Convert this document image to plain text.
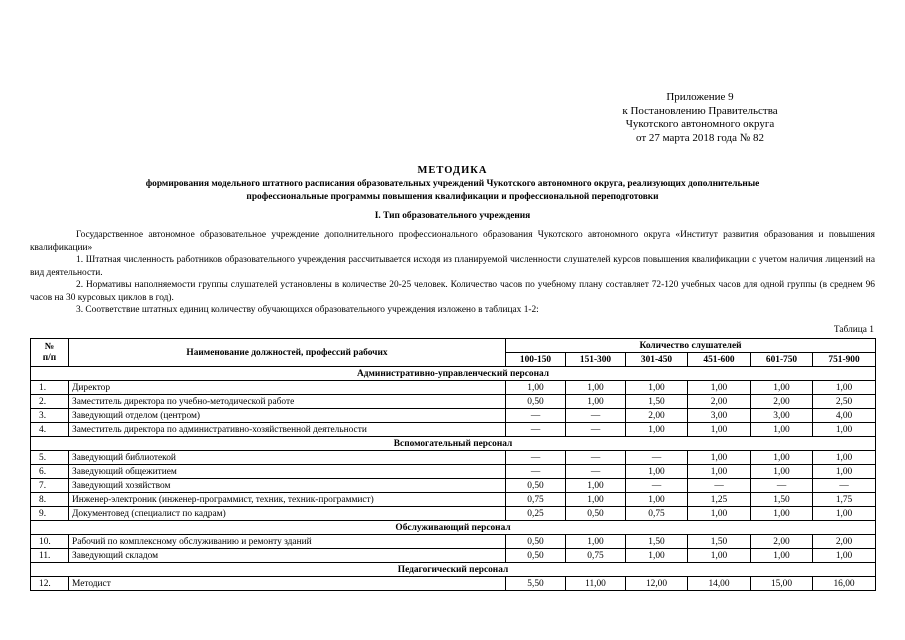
Приложение 9
к Постановлению Правительства
Чукотского автономного округа
от 27 марта 2018 года № 82
МЕТОДИКА
формирования модельного штатного расписания образовательных учреждений Чукотского автономного округа, реализующих дополнительные
профессиональные программы повышения квалификации и профессиональной переподготовки
I. Тип образовательного учреждения

Государственное автономное образовательное учреждение дополнительного профессионального образования Чукотского автономного округа «Институт развития образования и повышения квалификации»

1. Штатная численность работников образовательного учреждения рассчитывается исходя из планируемой численности слушателей курсов повышения квалификации с учетом наличия лицензий на вид деятельности.

2. Нормативы наполняемости группы слушателей установлены в количестве 20-25 человек. Количество часов по учебному плану составляет 72-120 учебных часов для одной группы (в среднем 96 часов на 30 курсовых циклов в год).

3. Соответствие штатных единиц количеству обучающихся образовательного учреждения изложено в таблицах 1-2:

Таблица 1
№
п/п	Наименование должностей, профессий рабочих	Количество слушателей					
		100-150	151-300	301-450	451-600	601-750	751-900
Административно-управленческий персонал							
1.	Директор	1,00	1,00	1,00	1,00	1,00	1,00
2.	Заместитель директора по учебно-методической работе	0,50	1,00	1,50	2,00	2,00	2,50
3.	Заведующий отделом (центром)	—	—	2,00	3,00	3,00	4,00
4.	Заместитель директора по административно-хозяйственной деятельности	—	—	1,00	1,00	1,00	1,00
Вспомогательный персонал							
5.	Заведующий библиотекой	—	—	—	1,00	1,00	1,00
6.	Заведующий общежитием	—	—	1,00	1,00	1,00	1,00
7.	Заведующий хозяйством	0,50	1,00	—	—	—	—
8.	Инженер-электроник (инженер-программист, техник, техник-программист)	0,75	1,00	1,00	1,25	1,50	1,75
9.	Документовед (специалист по кадрам)	0,25	0,50	0,75	1,00	1,00	1,00
Обслуживающий персонал							
10.	Рабочий по комплексному обслуживанию и ремонту зданий	0,50	1,00	1,50	1,50	2,00	2,00
11.	Заведующий складом	0,50	0,75	1,00	1,00	1,00	1,00
Педагогический персонал							
12.	Методист	5,50	11,00	12,00	14,00	15,00	16,00
